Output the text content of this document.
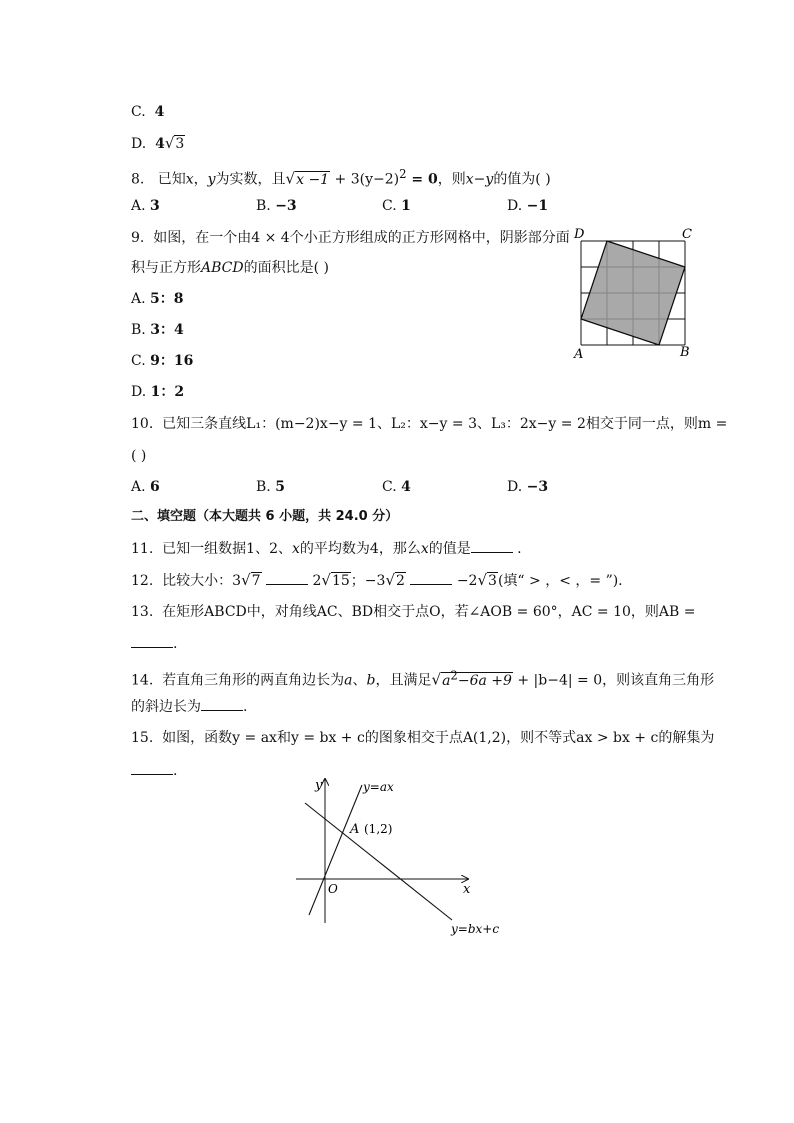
C. 4
D. 4√3
8. 已知x，y为实数，且$√x -1 + 3(y-2)^2 = 0$，则x−y的值为( )
A. 3	B. −3	C. 1	D. −1
9. 如图，在一个由4 × 4个小正方形组成的正方形网格中，阴影部分面
积与正方形ABCD的面积比是( )
A. 5：8
B. 3：4
C. 9：16
D. 1：2
D	C
A	B
10. 已知三条直线L₁：(m−2)x−y = 1、L₂：x−y = 3、L₃：2x−y = 2相交于同一点，则m =
( )
A. 6	B. 5	C. 4	D. −3
二、填空题（本大题共 6 小题，共 24.0 分）
11. 已知一组数据1、2、x的平均数为4，那么x的值是	.
12. 比较大小：3√7	2√15；−3√2	−2√3(填“ > ，< ，= ”).
13. 在矩形ABCD中，对角线AC、BD相交于点O，若∠AOB = 60°，AC = 10，则AB =
.
14. 若直角三角形的两直角边长为a、b，且满足$√a^2-6a +9 + |b-4| = 0$，则该直角三角形
的斜边长为	.
15. 如图，函数y = ax和y = bx + c的图象相交于点A(1,2)，则不等式ax > bx + c的解集为
.
y
x
O
y=ax
y=bx+c
A (1,2)
